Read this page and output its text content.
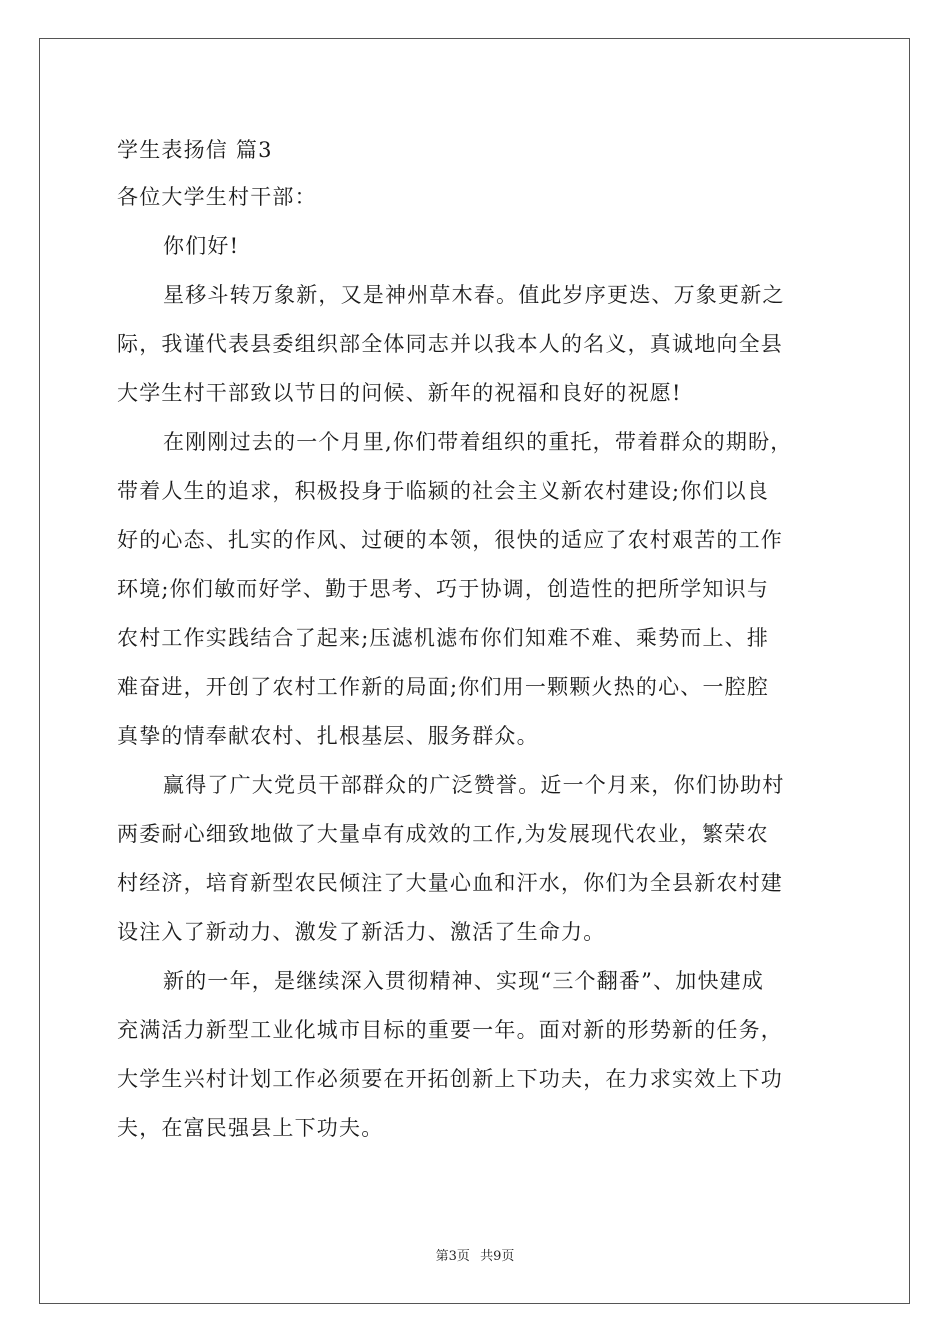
学生表扬信 篇3
各位大学生村干部：
你们好!
星移斗转万象新，又是神州草木春。值此岁序更迭、万象更新之
际，我谨代表县委组织部全体同志并以我本人的名义，真诚地向全县
大学生村干部致以节日的问候、新年的祝福和良好的祝愿!
在刚刚过去的一个月里,你们带着组织的重托，带着群众的期盼，
带着人生的追求，积极投身于临颍的社会主义新农村建设;你们以良
好的心态、扎实的作风、过硬的本领，很快的适应了农村艰苦的工作
环境;你们敏而好学、勤于思考、巧于协调，创造性的把所学知识与
农村工作实践结合了起来;压滤机滤布你们知难不难、乘势而上、排
难奋进，开创了农村工作新的局面;你们用一颗颗火热的心、一腔腔
真挚的情奉献农村、扎根基层、服务群众。
赢得了广大党员干部群众的广泛赞誉。近一个月来，你们协助村
两委耐心细致地做了大量卓有成效的工作,为发展现代农业，繁荣农
村经济，培育新型农民倾注了大量心血和汗水，你们为全县新农村建
设注入了新动力、激发了新活力、激活了生命力。
新的一年，是继续深入贯彻精神、实现“三个翻番”、加快建成
充满活力新型工业化城市目标的重要一年。面对新的形势新的任务，
大学生兴村计划工作必须要在开拓创新上下功夫，在力求实效上下功
夫，在富民强县上下功夫。
第3页 共9页
